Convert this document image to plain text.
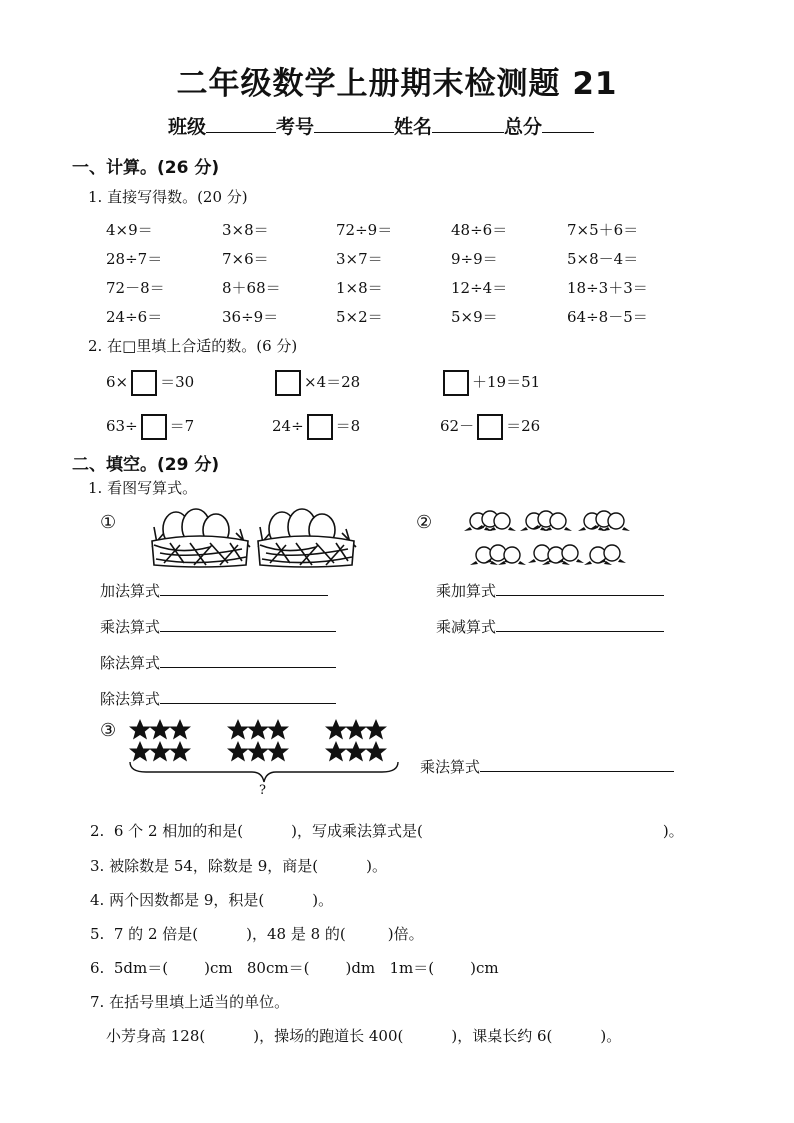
二年级数学上册期末检测题 21
班级	考号	姓名	总分
一、计算。(26 分)
1. 直接写得数。(20 分)
4×9＝	3×8＝	72÷9＝	48÷6＝	7×5＋6＝
28÷7＝	7×6＝	3×7＝	9÷9＝	5×8－4＝
72－8＝	8＋68＝	1×8＝	12÷4＝	18÷3＋3＝
24÷6＝	36÷9＝	5×2＝	5×9＝	64÷8－5＝
2. 在□里填上合适的数。(6 分)
6× ＝30	×4＝28	＋19＝51
63÷ ＝7	24÷ ＝8	62－ ＝26
二、填空。(29 分)
1. 看图写算式。
①	②
加法算式
乘法算式
除法算式
除法算式
乘加算式
乘减算式
③
?
乘法算式
2. 6 个 2 相加的和是(	)，写成乘法算式是(	)。
3. 被除数是 54，除数是 9，商是(	)。
4. 两个因数都是 9，积是(	)。
5. 7 的 2 倍是(	)，48 是 8 的(	)倍。
6. 5dm＝( )cm 80cm＝( )dm 1m＝( )cm
7. 在括号里填上适当的单位。
小芳身高 128(	)，操场的跑道长 400(	)，课桌长约 6(	)。
